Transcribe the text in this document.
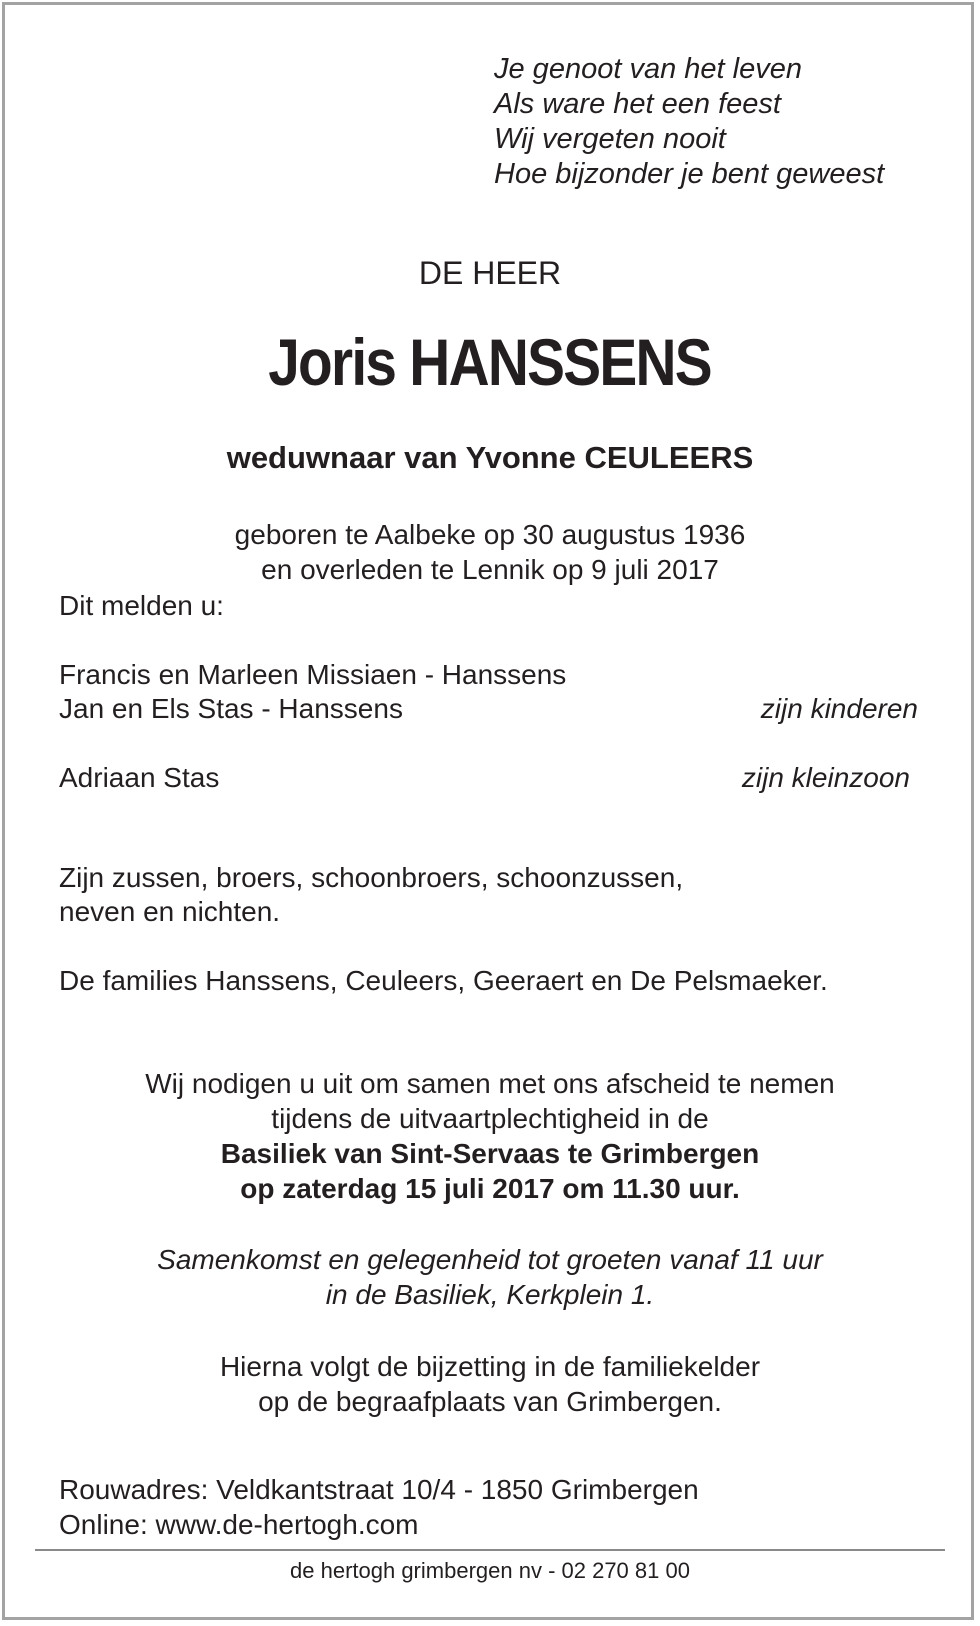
Je genoot van het leven
Als ware het een feest
Wij vergeten nooit
Hoe bijzonder je bent geweest
DE HEER
Joris HANSSENS
weduwnaar van Yvonne CEULEERS
geboren te Aalbeke op 30 augustus 1936
en overleden te Lennik op 9 juli 2017
Dit melden u:
Francis en Marleen Missiaen - Hanssens
Jan en Els Stas - Hanssens	zijn kinderen
Adriaan Stas	zijn kleinzoon
Zijn zussen, broers, schoonbroers, schoonzussen,
neven en nichten.
De families Hanssens, Ceuleers, Geeraert en De Pelsmaeker.
Wij nodigen u uit om samen met ons afscheid te nemen
tijdens de uitvaartplechtigheid in de
Basiliek van Sint-Servaas te Grimbergen
op zaterdag 15 juli 2017 om 11.30 uur.
Samenkomst en gelegenheid tot groeten vanaf 11 uur
in de Basiliek, Kerkplein 1.
Hierna volgt de bijzetting in de familiekelder
op de begraafplaats van Grimbergen.
Rouwadres: Veldkantstraat 10/4 - 1850 Grimbergen
Online: www.de-hertogh.com
de hertogh grimbergen nv - 02 270 81 00
